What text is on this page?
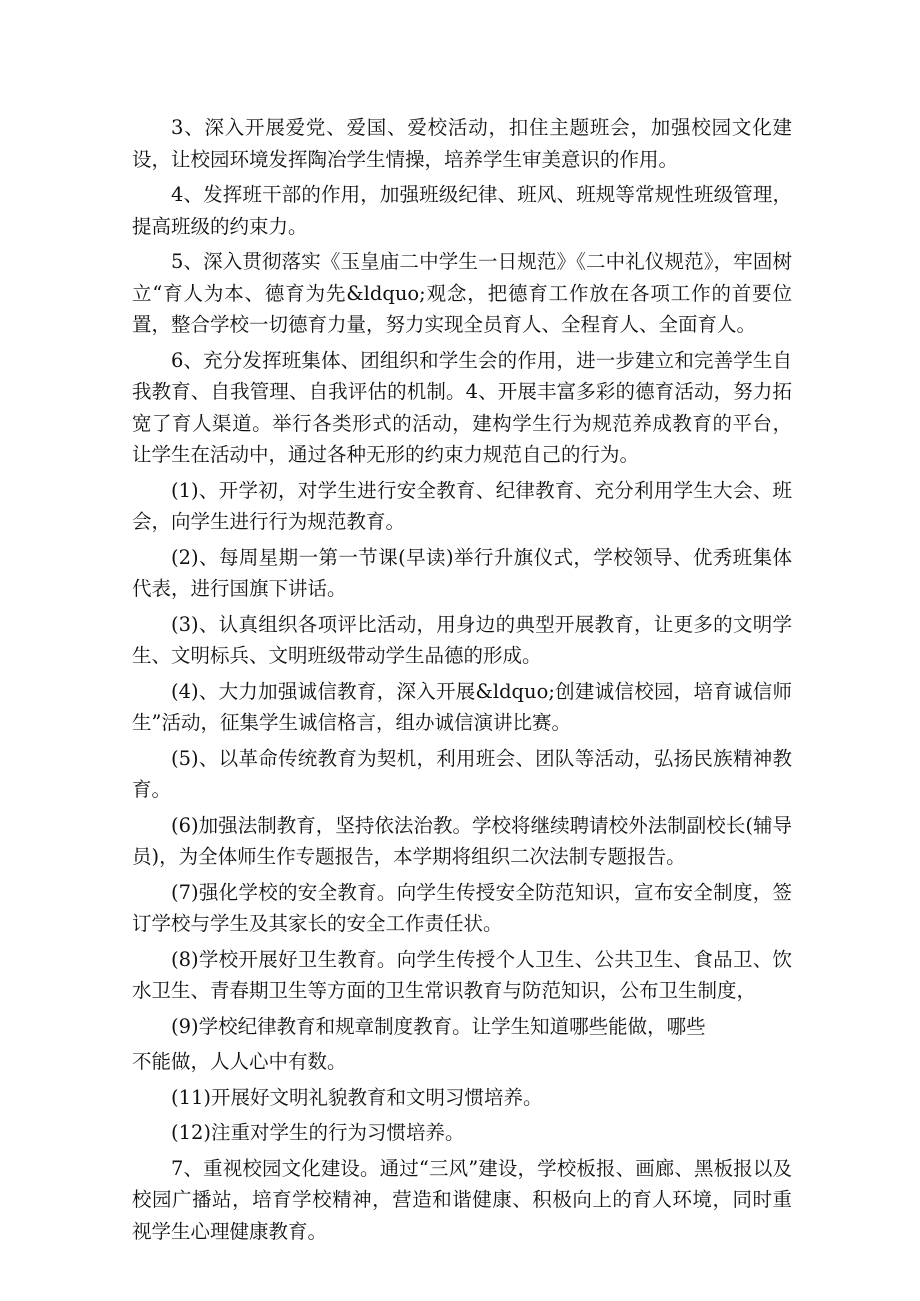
3、深入开展爱党、爱国、爱校活动，扣住主题班会，加强校园文化建设，让校园环境发挥陶冶学生情操，培养学生审美意识的作用。

4、发挥班干部的作用，加强班级纪律、班风、班规等常规性班级管理，提高班级的约束力。

5、深入贯彻落实《玉皇庙二中学生一日规范》《二中礼仪规范》，牢固树立“育人为本、德育为先&ldquo;观念，把德育工作放在各项工作的首要位置，整合学校一切德育力量，努力实现全员育人、全程育人、全面育人。

6、充分发挥班集体、团组织和学生会的作用，进一步建立和完善学生自我教育、自我管理、自我评估的机制。4、开展丰富多彩的德育活动，努力拓宽了育人渠道。举行各类形式的活动，建构学生行为规范养成教育的平台，让学生在活动中，通过各种无形的约束力规范自己的行为。

(1)、开学初，对学生进行安全教育、纪律教育、充分利用学生大会、班会，向学生进行行为规范教育。

(2)、每周星期一第一节课(早读)举行升旗仪式，学校领导、优秀班集体代表，进行国旗下讲话。

(3)、认真组织各项评比活动，用身边的典型开展教育，让更多的文明学生、文明标兵、文明班级带动学生品德的形成。

(4)、大力加强诚信教育，深入开展&ldquo;创建诚信校园，培育诚信师生”活动，征集学生诚信格言，组办诚信演讲比赛。

(5)、以革命传统教育为契机，利用班会、团队等活动，弘扬民族精神教育。

(6)加强法制教育，坚持依法治教。学校将继续聘请校外法制副校长(辅导员)，为全体师生作专题报告，本学期将组织二次法制专题报告。

(7)强化学校的安全教育。向学生传授安全防范知识，宣布安全制度，签订学校与学生及其家长的安全工作责任状。

(8)学校开展好卫生教育。向学生传授个人卫生、公共卫生、食品卫、饮水卫生、青春期卫生等方面的卫生常识教育与防范知识，公布卫生制度，

(9)学校纪律教育和规章制度教育。让学生知道哪些能做，哪些

不能做，人人心中有数。

(11)开展好文明礼貌教育和文明习惯培养。

(12)注重对学生的行为习惯培养。

7、重视校园文化建设。通过“三风”建设，学校板报、画廊、黑板报以及校园广播站，培育学校精神，营造和谐健康、积极向上的育人环境，同时重视学生心理健康教育。
